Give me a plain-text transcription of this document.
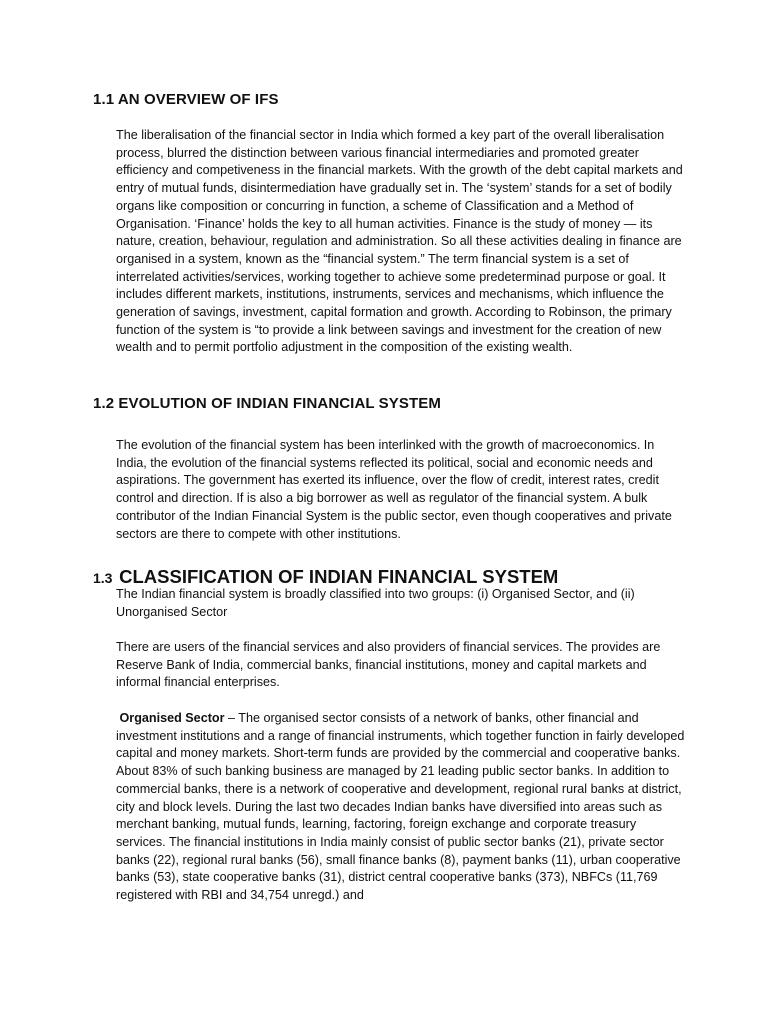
1.1 AN OVERVIEW OF IFS

The liberalisation of the financial sector in India which formed a key part of the overall liberalisation process, blurred the distinction between various financial intermediaries and promoted greater efficiency and competiveness in the financial markets. With the growth of the debt capital markets and entry of mutual funds, disintermediation have gradually set in. The ‘system’ stands for a set of bodily organs like composition or concurring in function, a scheme of Classification and a Method of Organisation. ‘Finance’ holds the key to all human activities. Finance is the study of money — its nature, creation, behaviour, regulation and administration. So all these activities dealing in finance are organised in a system, known as the “financial system.” The term financial system is a set of interrelated activities/services, working together to achieve some predeterminad purpose or goal. It includes different markets, institutions, instruments, services and mechanisms, which influence the generation of savings, investment, capital formation and growth. According to Robinson, the primary function of the system is “to provide a link between savings and investment for the creation of new wealth and to permit portfolio adjustment in the composition of the existing wealth.

1.2 EVOLUTION OF INDIAN FINANCIAL SYSTEM

The evolution of the financial system has been interlinked with the growth of macroeconomics. In India, the evolution of the financial systems reflected its political, social and economic needs and aspirations. The government has exerted its influence, over the flow of credit, interest rates, credit control and direction. If is also a big borrower as well as regulator of the financial system. A bulk contributor of the Indian Financial System is the public sector, even though cooperatives and private sectors are there to compete with other institutions.

1.3 CLASSIFICATION OF INDIAN FINANCIAL SYSTEM

The Indian financial system is broadly classified into two groups: (i) Organised Sector, and (ii) Unorganised Sector

There are users of the financial services and also providers of financial services. The provides are Reserve Bank of India, commercial banks, financial institutions, money and capital markets and informal financial enterprises.

Organised Sector – The organised sector consists of a network of banks, other financial and investment institutions and a range of financial instruments, which together function in fairly developed capital and money markets. Short-term funds are provided by the commercial and cooperative banks. About 83% of such banking business are managed by 21 leading public sector banks. In addition to commercial banks, there is a network of cooperative and development, regional rural banks at district, city and block levels. During the last two decades Indian banks have diversified into areas such as merchant banking, mutual funds, learning, factoring, foreign exchange and corporate treasury services. The financial institutions in India mainly consist of public sector banks (21), private sector banks (22), regional rural banks (56), small finance banks (8), payment banks (11), urban cooperative banks (53), state cooperative banks (31), district central cooperative banks (373), NBFCs (11,769 registered with RBI and 34,754 unregd.) and
